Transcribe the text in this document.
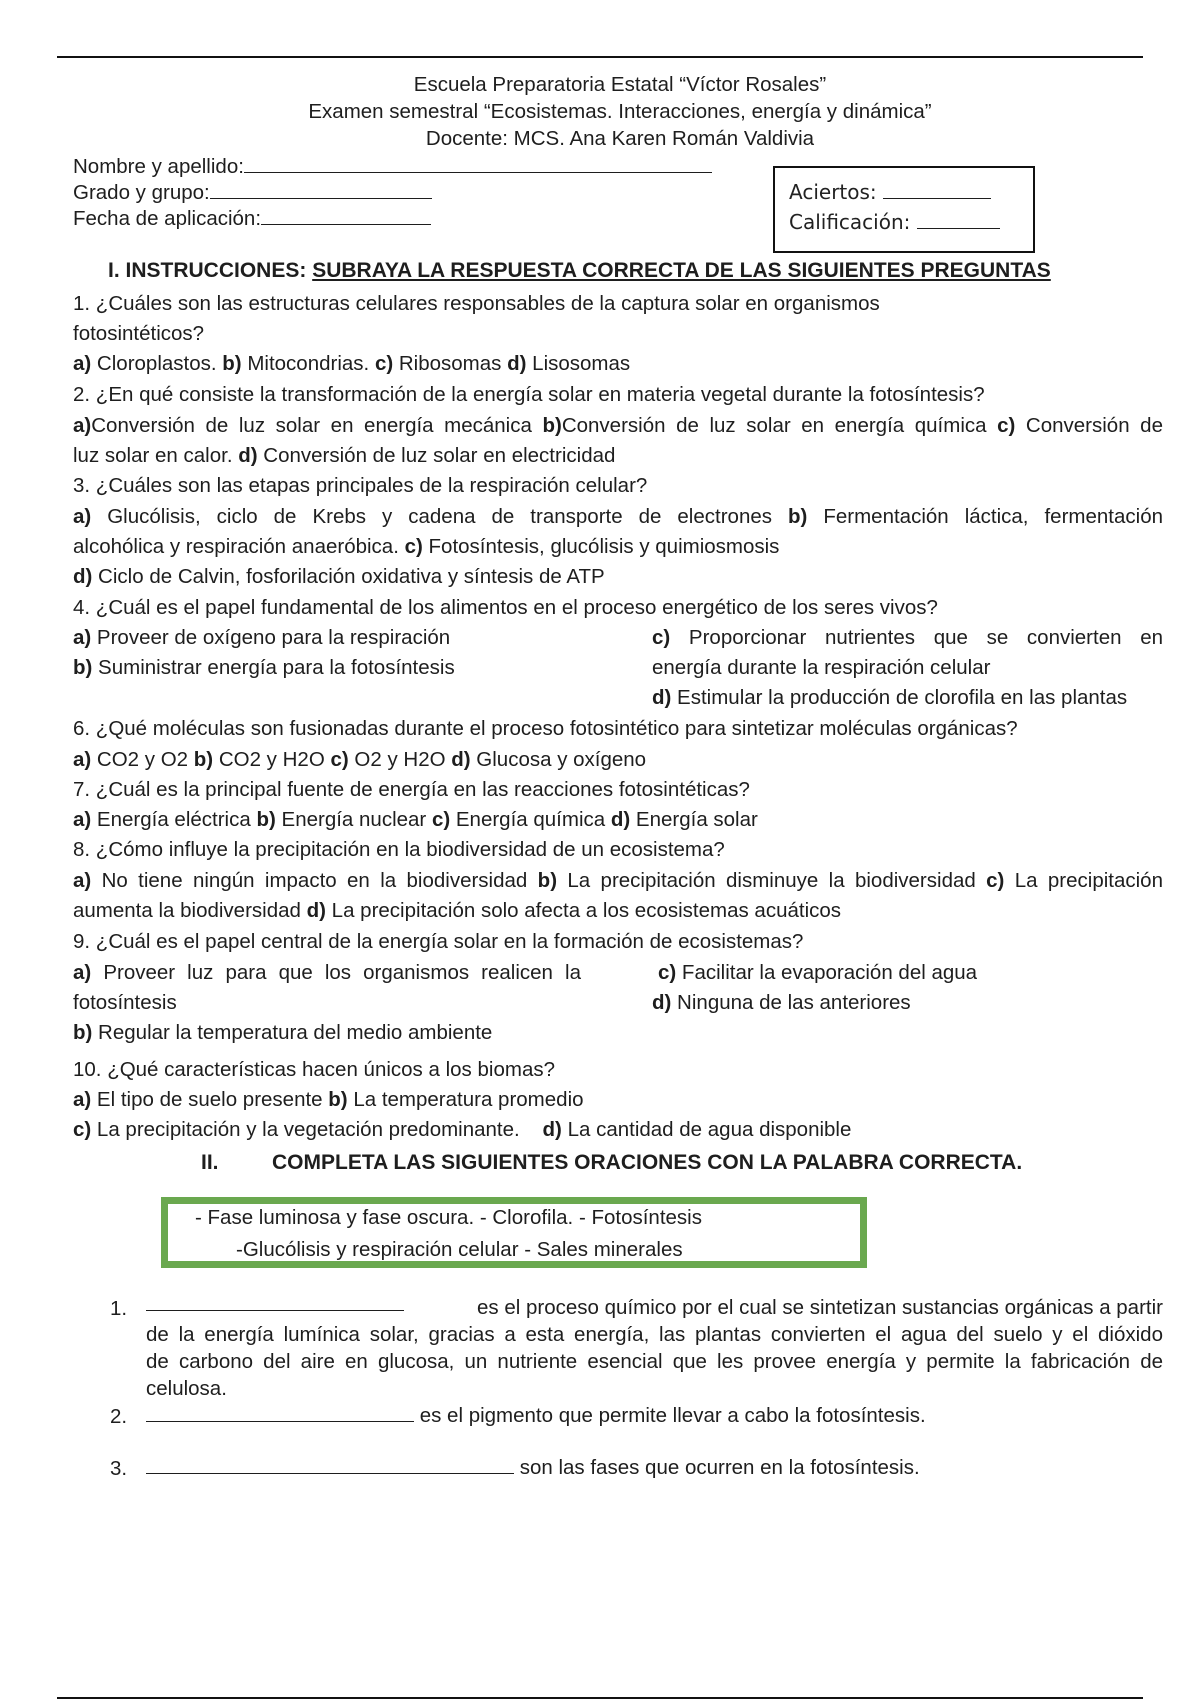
Escuela Preparatoria Estatal “Víctor Rosales”
Examen semestral “Ecosistemas. Interacciones, energía y dinámica”
Docente: MCS. Ana Karen Román Valdivia
Nombre y apellido:
Grado y grupo:
Fecha de aplicación:
Aciertos:
Calificación:
I. INSTRUCCIONES: SUBRAYA LA RESPUESTA CORRECTA DE LAS SIGUIENTES PREGUNTAS
1. ¿Cuáles son las estructuras celulares responsables de la captura solar en organismos
fotosintéticos?
a) Cloroplastos. b) Mitocondrias. c) Ribosomas d) Lisosomas
2. ¿En qué consiste la transformación de la energía solar en materia vegetal durante la fotosíntesis?
a)Conversión de luz solar en energía mecánica b)Conversión de luz solar en energía química c) Conversión de
luz solar en calor. d) Conversión de luz solar en electricidad
3. ¿Cuáles son las etapas principales de la respiración celular?
a) Glucólisis, ciclo de Krebs y cadena de transporte de electrones b) Fermentación láctica, fermentación
alcohólica y respiración anaeróbica. c) Fotosíntesis, glucólisis y quimiosmosis
d) Ciclo de Calvin, fosforilación oxidativa y síntesis de ATP
4. ¿Cuál es el papel fundamental de los alimentos en el proceso energético de los seres vivos?
a) Proveer de oxígeno para la respiración
b) Suministrar energía para la fotosíntesis
c) Proporcionar nutrientes que se convierten en
energía durante la respiración celular
d) Estimular la producción de clorofila en las plantas
6. ¿Qué moléculas son fusionadas durante el proceso fotosintético para sintetizar moléculas orgánicas?
a) CO2 y O2 b) CO2 y H2O c) O2 y H2O d) Glucosa y oxígeno
7. ¿Cuál es la principal fuente de energía en las reacciones fotosintéticas?
a) Energía eléctrica b) Energía nuclear c) Energía química d) Energía solar
8. ¿Cómo influye la precipitación en la biodiversidad de un ecosistema?
a) No tiene ningún impacto en la biodiversidad b) La precipitación disminuye la biodiversidad c) La precipitación
aumenta la biodiversidad d) La precipitación solo afecta a los ecosistemas acuáticos
9. ¿Cuál es el papel central de la energía solar en la formación de ecosistemas?
a) Proveer luz para que los organismos realicen la
fotosíntesis
b) Regular la temperatura del medio ambiente
c) Facilitar la evaporación del agua
d) Ninguna de las anteriores
10. ¿Qué características hacen únicos a los biomas?
a) El tipo de suelo presente b) La temperatura promedio
c) La precipitación y la vegetación predominante.    d) La cantidad de agua disponible
II.	COMPLETA LAS SIGUIENTES ORACIONES CON LA PALABRA CORRECTA.
- Fase luminosa y fase oscura. - Clorofila. - Fotosíntesis
-Glucólisis y respiración celular - Sales minerales
1.	es el proceso químico por el cual se sintetizan sustancias orgánicas a partir
de la energía lumínica solar, gracias a esta energía, las plantas convierten el agua del suelo y el dióxido
de carbono del aire en glucosa, un nutriente esencial que les provee energía y permite la fabricación de
celulosa.
2.	es el pigmento que permite llevar a cabo la fotosíntesis.
3.	son las fases que ocurren en la fotosíntesis.
